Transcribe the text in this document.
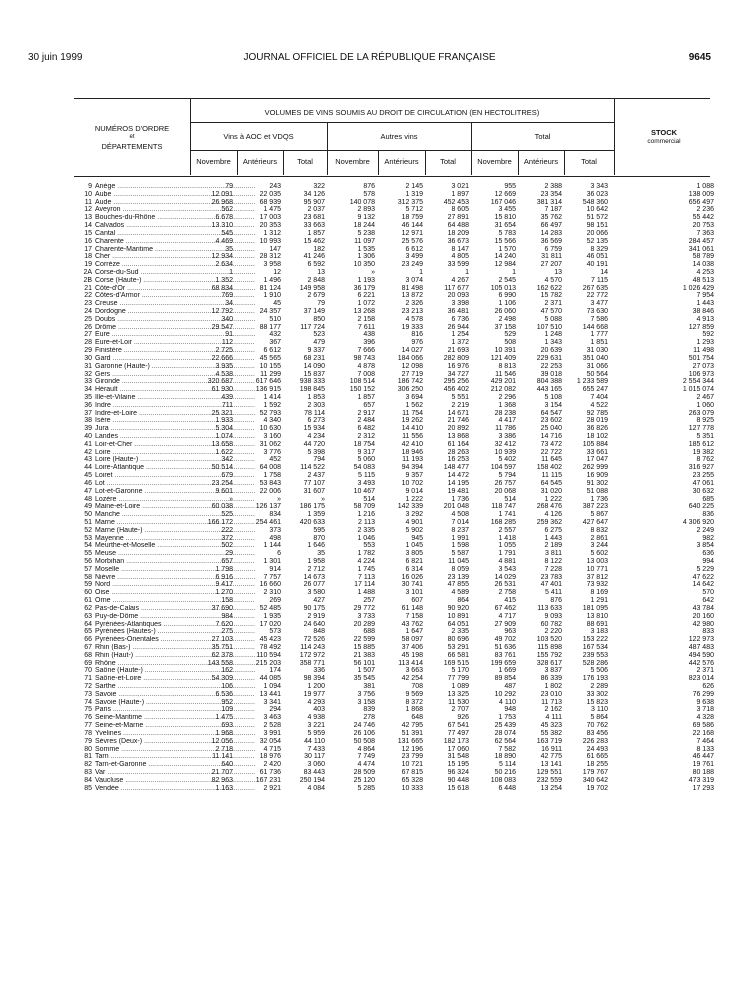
30 juin 1999	JOURNAL OFFICIEL DE LA RÉPUBLIQUE FRANÇAISE	9645
NUMÉROS D'ORDRE
et
DÉPARTEMENTS
VOLUMES DE VINS SOUMIS AU DROIT DE CIRCULATION (EN HECTOLITRES)
Vins à AOC et VDQS	Autres vins	Total	STOCK
commercial
Novembre	Antérieurs	Total	Novembre	Antérieurs	Total	Novembre	Antérieurs	Total
9 Ariège .....	79	243	322	876	2 145	3 021	955	2 388	3 343	1 088
10 Aube .....	12 091	22 035	34 126	578	1 319	1 897	12 669	23 354	36 023	138 009
11 Aude .....	26 968	68 939	95 907	140 078	312 375	452 453	167 046	381 314	548 360	656 497
12 Aveyron .....	562	1 475	2 037	2 893	5 712	8 605	3 455	7 187	10 642	2 236
13 Bouches-du-Rhône .....	6 678	17 003	23 681	9 132	18 759	27 891	15 810	35 762	51 572	55 442
14 Calvados .....	13 310	20 353	33 663	18 244	46 144	64 488	31 654	66 497	98 151	20 753
15 Cantal .....	545	1 312	1 857	5 238	12 971	18 209	5 783	14 283	20 066	7 363
16 Charente .....	4 469	10 993	15 462	11 097	25 576	36 673	15 566	36 569	52 135	284 457
17 Charente-Maritime .....	35	147	182	1 535	6 612	8 147	1 570	6 759	8 329	341 061
18 Cher .....	12 934	28 312	41 246	1 306	3 499	4 805	14 240	31 811	46 051	58 789
19 Corrèze .....	2 634	3 958	6 592	10 350	23 249	33 599	12 984	27 207	40 191	14 038
2A Corse-du-Sud .....	1	12	13	»	1	1	1	13	14	4 253
2B Corse (Haute-) .....	1 352	1 496	2 848	1 193	3 074	4 267	2 545	4 570	7 115	48 513
21 Côte-d'Or .....	68 834	81 124	149 958	36 179	81 498	117 677	105 013	162 622	267 635	1 026 429
22 Côtes-d'Armor .....	769	1 910	2 679	6 221	13 872	20 093	6 990	15 782	22 772	7 954
23 Creuse .....	34	45	79	1 072	2 326	3 398	1 106	2 371	3 477	1 443
24 Dordogne .....	12 792	24 357	37 149	13 268	23 213	36 481	26 060	47 570	73 630	38 846
25 Doubs .....	340	510	850	2 158	4 578	6 736	2 498	5 088	7 586	4 913
26 Drôme .....	29 547	88 177	117 724	7 611	19 333	26 944	37 158	107 510	144 668	127 859
27 Eure .....	91	432	523	438	816	1 254	529	1 248	1 777	592
28 Eure-et-Loir .....	112	367	479	396	976	1 372	508	1 343	1 851	1 293
29 Finistère .....	2 725	6 612	9 337	7 666	14 027	21 693	10 391	20 639	31 030	11 498
30 Gard .....	22 666	45 565	68 231	98 743	184 066	282 809	121 409	229 631	351 040	501 754
31 Garonne (Haute-) .....	3 935	10 155	14 090	4 878	12 098	16 976	8 813	22 253	31 066	27 073
32 Gers .....	4 538	11 299	15 837	7 008	27 719	34 727	11 546	39 018	50 564	106 973
33 Gironde .....	320 687	617 646	938 333	108 514	186 742	295 256	429 201	804 388	1 233 589	2 554 344
34 Hérault .....	61 930	136 915	198 845	150 152	306 250	456 402	212 082	443 165	655 247	1 015 074
35 Ille-et-Vilaine .....	439	1 414	1 853	1 857	3 694	5 551	2 296	5 108	7 404	2 467
36 Indre .....	711	1 592	2 303	657	1 562	2 219	1 368	3 154	4 522	1 060
37 Indre-et-Loire .....	25 321	52 793	78 114	2 917	11 754	14 671	28 238	64 547	92 785	263 079
38 Isère .....	1 933	4 340	6 273	2 484	19 262	21 746	4 417	23 602	28 019	8 925
39 Jura .....	5 304	10 630	15 934	6 482	14 410	20 892	11 786	25 040	36 826	127 778
40 Landes .....	1 074	3 160	4 234	2 312	11 556	13 868	3 386	14 716	18 102	5 351
41 Loir-et-Cher .....	13 658	31 062	44 720	18 754	42 410	61 164	32 412	73 472	105 884	185 612
42 Loire .....	1 622	3 776	5 398	9 317	18 946	28 263	10 939	22 722	33 661	19 382
43 Loire (Haute-) .....	342	452	794	5 060	11 193	16 253	5 402	11 645	17 047	8 762
44 Loire-Atlantique .....	50 514	64 008	114 522	54 083	94 394	148 477	104 597	158 402	262 999	316 927
45 Loiret .....	679	1 758	2 437	5 115	9 357	14 472	5 794	11 115	16 909	23 255
46 Lot .....	23 254	53 843	77 107	3 493	10 702	14 195	26 757	64 545	91 302	47 061
47 Lot-et-Garonne .....	9 601	22 006	31 607	10 467	9 014	19 481	20 068	31 020	51 088	30 632
48 Lozère .....	»	»	»	514	1 222	1 736	514	1 222	1 736	685
49 Maine-et-Loire .....	60 038	126 137	186 175	58 709	142 339	201 048	118 747	268 476	387 223	640 225
50 Manche .....	525	834	1 359	1 216	3 292	4 508	1 741	4 126	5 867	836
51 Marne .....	166 172	254 461	420 633	2 113	4 901	7 014	168 285	259 362	427 647	4 306 920
52 Marne (Haute-) .....	222	373	595	2 335	5 902	8 237	2 557	6 275	8 832	2 249
53 Mayenne .....	372	498	870	1 046	945	1 991	1 418	1 443	2 861	982
54 Meurthe-et-Moselle .....	502	1 144	1 646	553	1 045	1 598	1 055	2 189	3 244	3 854
55 Meuse .....	29	6	35	1 782	3 805	5 587	1 791	3 811	5 602	636
56 Morbihan .....	657	1 301	1 958	4 224	6 821	11 045	4 881	8 122	13 003	994
57 Moselle .....	1 798	914	2 712	1 745	6 314	8 059	3 543	7 228	10 771	5 229
58 Nièvre .....	6 916	7 757	14 673	7 113	16 026	23 139	14 029	23 783	37 812	47 622
59 Nord .....	9 417	16 660	26 077	17 114	30 741	47 855	26 531	47 401	73 932	14 642
60 Oise .....	1 270	2 310	3 580	1 488	3 101	4 589	2 758	5 411	8 169	570
61 Orne .....	158	269	427	257	607	864	415	876	1 291	642
62 Pas-de-Calais .....	37 690	52 485	90 175	29 772	61 148	90 920	67 462	113 633	181 095	43 784
63 Puy-de-Dôme .....	984	1 935	2 919	3 733	7 158	10 891	4 717	9 093	13 810	20 160
64 Pyrénées-Atlantiques .....	7 620	17 020	24 640	20 289	43 762	64 051	27 909	60 782	88 691	42 980
65 Pyrénées (Hautes-) .....	275	573	848	688	1 647	2 335	963	2 220	3 183	833
66 Pyrénées-Orientales .....	27 103	45 423	72 526	22 599	58 097	80 696	49 702	103 520	153 222	122 973
67 Rhin (Bas-) .....	35 751	78 492	114 243	15 885	37 406	53 291	51 636	115 898	167 534	487 483
68 Rhin (Haut-) .....	62 378	110 594	172 972	21 383	45 198	66 581	83 761	155 792	239 553	494 590
69 Rhône .....	143 558	215 203	358 771	56 101	113 414	169 515	199 659	328 617	528 286	442 576
70 Saône (Haute-) .....	162	174	336	1 507	3 663	5 170	1 669	3 837	5 506	2 371
71 Saône-et-Loire .....	54 309	44 085	98 394	35 545	42 254	77 799	89 854	86 339	176 193	823 014
72 Sarthe .....	106	1 094	1 200	381	708	1 089	487	1 802	2 289	626
73 Savoie .....	6 536	13 441	19 977	3 756	9 569	13 325	10 292	23 010	33 302	76 299
74 Savoie (Haute-) .....	952	3 341	4 293	3 158	8 372	11 530	4 110	11 713	15 823	9 638
75 Paris .....	109	294	403	839	1 868	2 707	948	2 162	3 110	3 718
76 Seine-Maritime .....	1 475	3 463	4 938	278	648	926	1 753	4 111	5 864	4 328
77 Seine-et-Marne .....	693	2 528	3 221	24 746	42 795	67 541	25 439	45 323	70 762	69 586
78 Yvelines .....	1 968	3 991	5 959	26 106	51 391	77 497	28 074	55 382	83 456	22 168
79 Sèvres (Deux-) .....	12 056	32 054	44 110	50 508	131 665	182 173	62 564	163 719	226 283	7 464
80 Somme .....	2 718	4 715	7 433	4 864	12 196	17 060	7 582	16 911	24 493	8 133
81 Tarn .....	11 141	18 976	30 117	7 749	23 799	31 548	18 890	42 775	61 665	46 447
82 Tarn-et-Garonne .....	640	2 420	3 060	4 474	10 721	15 195	5 114	13 141	18 255	19 761
83 Var .....	21 707	61 736	83 443	28 509	67 815	96 324	50 216	129 551	179 767	80 188
84 Vaucluse .....	82 963	167 231	250 194	25 120	65 328	90 448	108 083	232 559	340 642	473 319
85 Vendée .....	1 163	2 921	4 084	5 285	10 333	15 618	6 448	13 254	19 702	17 293
